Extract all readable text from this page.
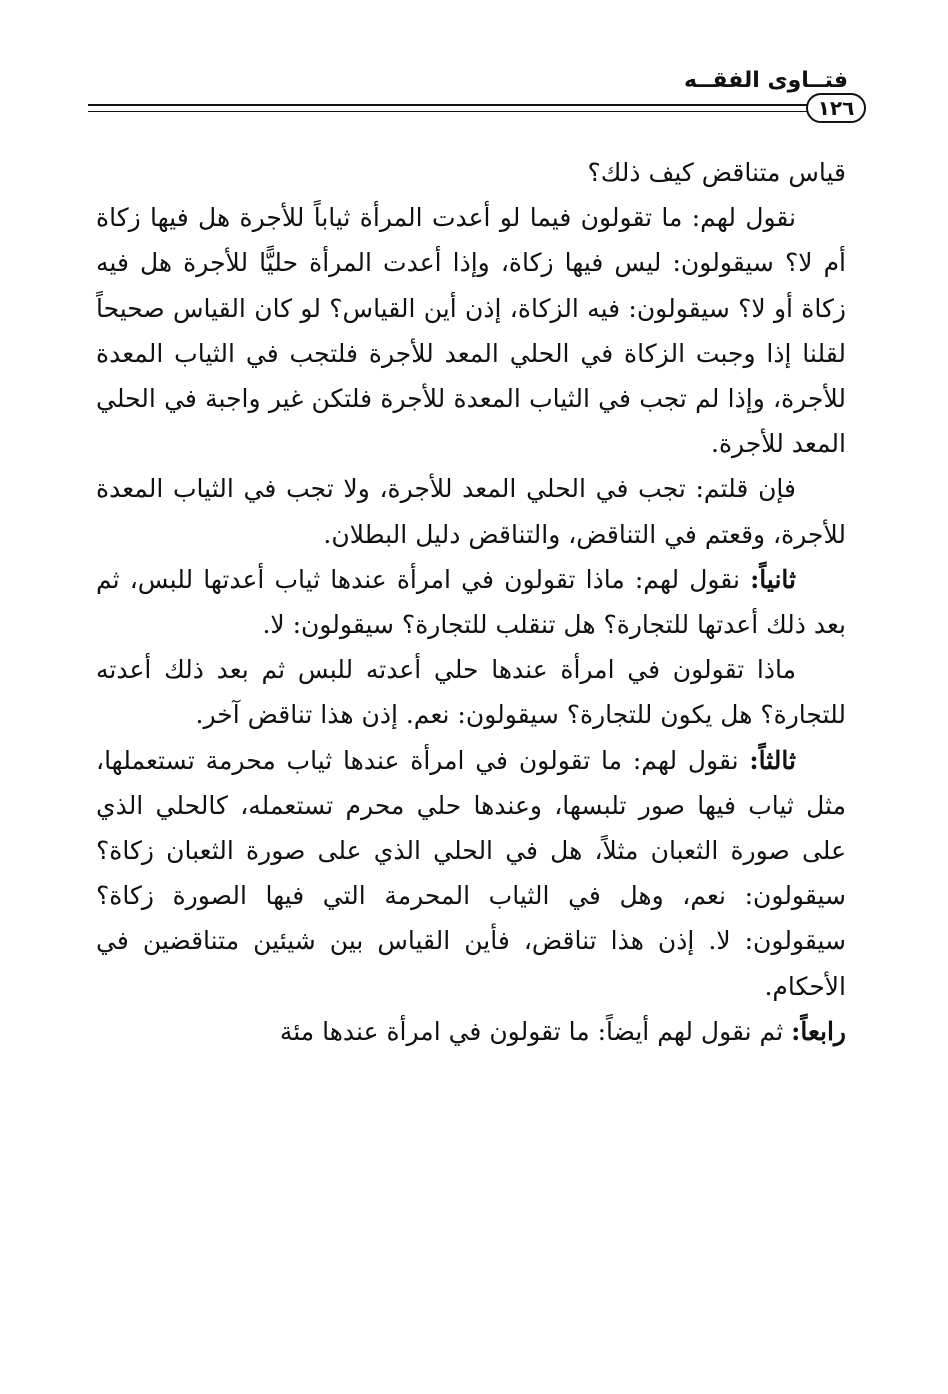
فتــاوى الفقــه
١٢٦

قياس متناقض كيف ذلك؟

نقول لهم: ما تقولون فيما لو أعدت المرأة ثياباً للأجرة هل فيها زكاة أم لا؟ سيقولون: ليس فيها زكاة، وإذا أعدت المرأة حليًّا للأجرة هل فيه زكاة أو لا؟ سيقولون: فيه الزكاة، إذن أين القياس؟ لو كان القياس صحيحاً لقلنا إذا وجبت الزكاة في الحلي المعد للأجرة فلتجب في الثياب المعدة للأجرة، وإذا لم تجب في الثياب المعدة للأجرة فلتكن غير واجبة في الحلي المعد للأجرة.

فإن قلتم: تجب في الحلي المعد للأجرة، ولا تجب في الثياب المعدة للأجرة، وقعتم في التناقض، والتناقض دليل البطلان.

ثانياً: نقول لهم: ماذا تقولون في امرأة عندها ثياب أعدتها للبس، ثم بعد ذلك أعدتها للتجارة؟ هل تنقلب للتجارة؟ سيقولون: لا.

ماذا تقولون في امرأة عندها حلي أعدته للبس ثم بعد ذلك أعدته للتجارة؟ هل يكون للتجارة؟ سيقولون: نعم. إذن هذا تناقض آخر.

ثالثاً: نقول لهم: ما تقولون في امرأة عندها ثياب محرمة تستعملها، مثل ثياب فيها صور تلبسها، وعندها حلي محرم تستعمله، كالحلي الذي على صورة الثعبان مثلاً، هل في الحلي الذي على صورة الثعبان زكاة؟ سيقولون: نعم، وهل في الثياب المحرمة التي فيها الصورة زكاة؟ سيقولون: لا. إذن هذا تناقض، فأين القياس بين شيئين متناقضين في الأحكام.

رابعاً: ثم نقول لهم أيضاً: ما تقولون في امرأة عندها مئة
